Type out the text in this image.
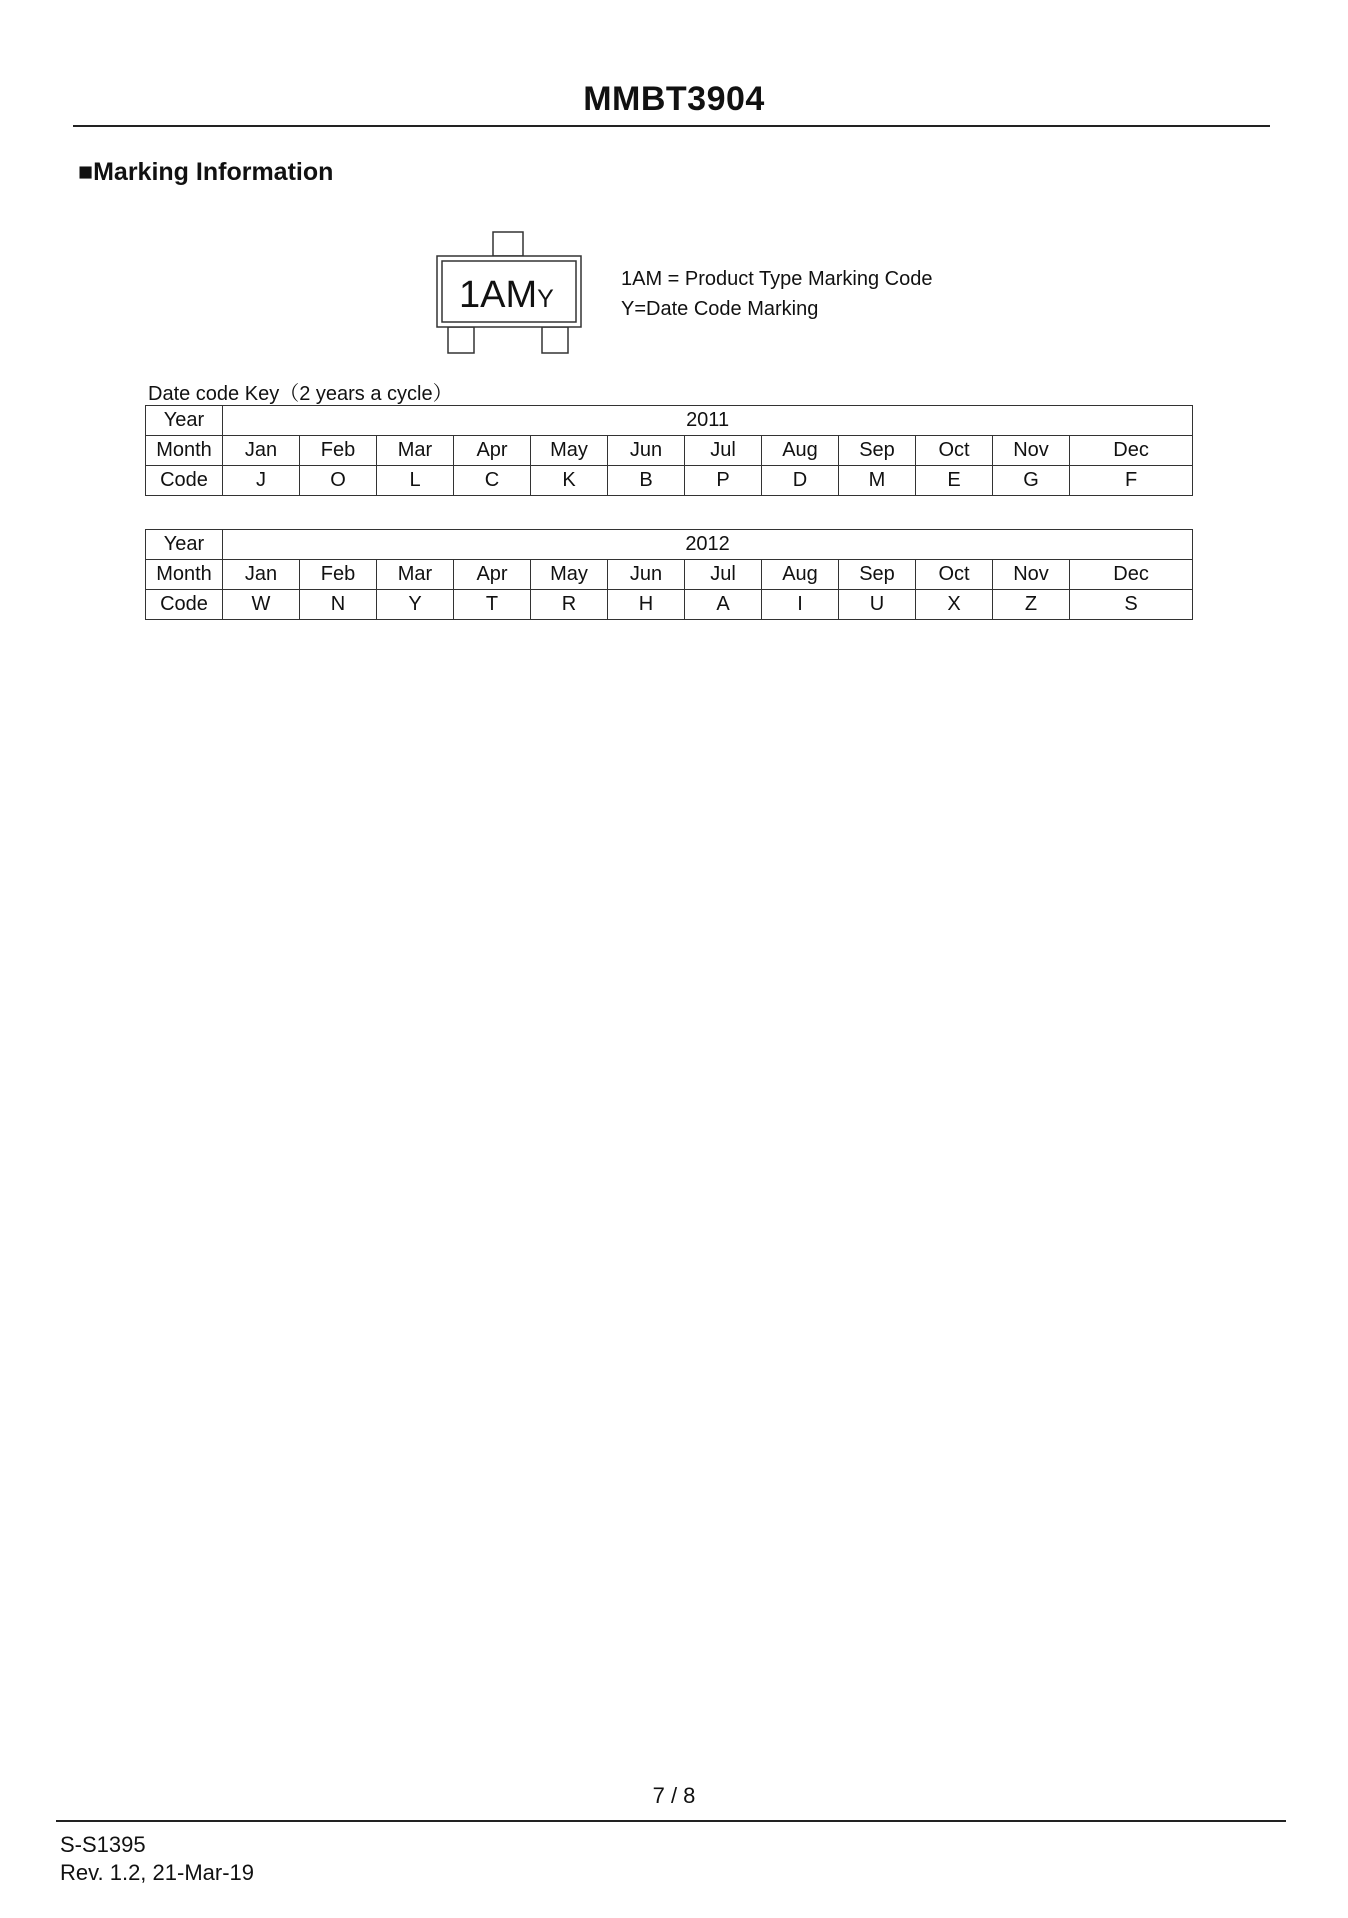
MMBT3904
■Marking Information
1AMY
1AM = Product Type Marking Code
Y=Date Code Marking
Date code Key（2 years a cycle）
Year	2011											
Month	Jan	Feb	Mar	Apr	May	Jun	Jul	Aug	Sep	Oct	Nov	Dec
Code	J	O	L	C	K	B	P	D	M	E	G	F
Year	2012											
Month	Jan	Feb	Mar	Apr	May	Jun	Jul	Aug	Sep	Oct	Nov	Dec
Code	W	N	Y	T	R	H	A	I	U	X	Z	S
7 / 8
S-S1395
Rev. 1.2, 21-Mar-19
